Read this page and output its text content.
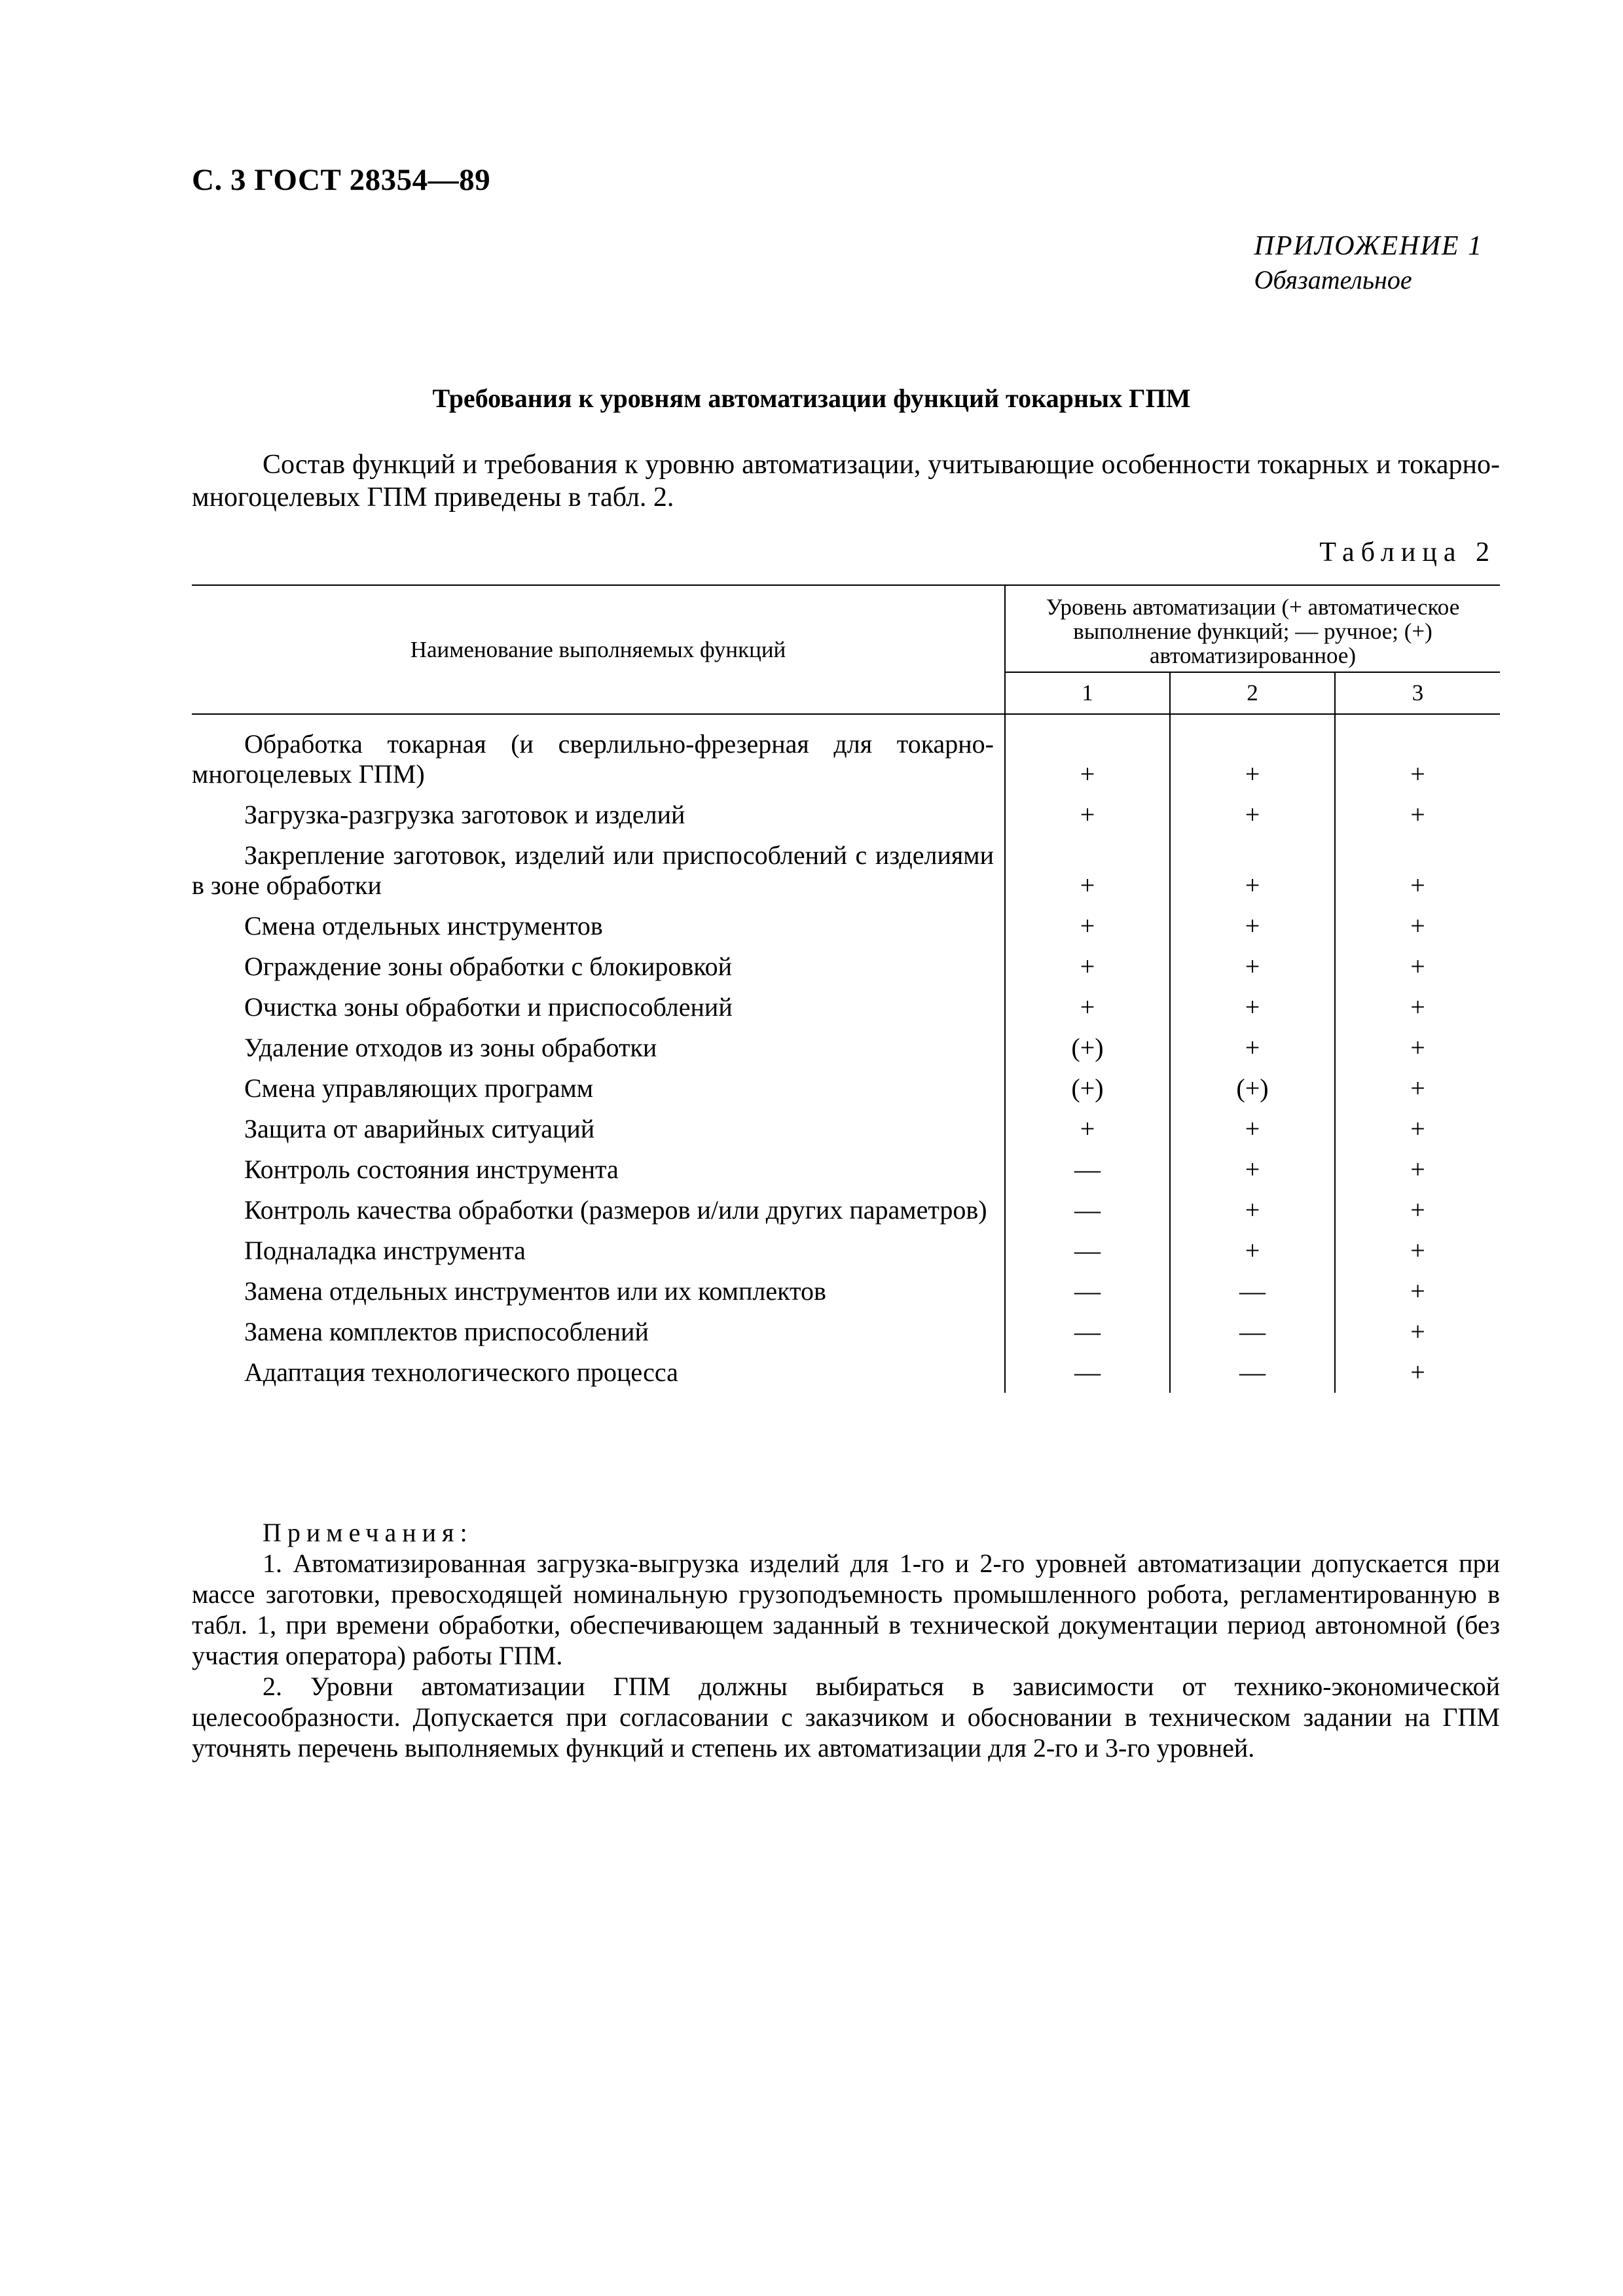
С. 3 ГОСТ 28354—89
ПРИЛОЖЕНИЕ 1
Обязательное
Требования к уровням автоматизации функций токарных ГПМ
Состав функций и требования к уровню автоматизации, учитывающие особенности токарных и токарно-многоцелевых ГПМ приведены в табл. 2.
Таблица 2
Наименование выполняемых функций	Уровень автоматизации (+ автоматическое выполнение функций; — ручное; (+) автоматизированное)		
	1	2	3

Обработка токарная (и сверлильно-фрезерная для токарно-многоцелевых ГПМ)	+	+	+

Загрузка-разгрузка заготовок и изделий	+	+	+

Закрепление заготовок, изделий или приспособлений с изделиями в зоне обработки	+	+	+

Смена отдельных инструментов	+	+	+

Ограждение зоны обработки с блокировкой	+	+	+

Очистка зоны обработки и приспособлений	+	+	+

Удаление отходов из зоны обработки	(+)	+	+

Смена управляющих программ	(+)	(+)	+

Защита от аварийных ситуаций	+	+	+

Контроль состояния инструмента	—	+	+

Контроль качества обработки (размеров и/или других параметров)	—	+	+

Подналадка инструмента	—	+	+

Замена отдельных инструментов или их комплектов	—	—	+

Замена комплектов приспособлений	—	—	+

Адаптация технологического процесса	—	—	+
Примечания:

1. Автоматизированная загрузка-выгрузка изделий для 1-го и 2-го уровней автоматизации допускается при массе заготовки, превосходящей номинальную грузоподъемность промышленного робота, регламентированную в табл. 1, при времени обработки, обеспечивающем заданный в технической документации период автономной (без участия оператора) работы ГПМ.

2. Уровни автоматизации ГПМ должны выбираться в зависимости от технико-экономической целесообразности. Допускается при согласовании с заказчиком и обосновании в техническом задании на ГПМ уточнять перечень выполняемых функций и степень их автоматизации для 2-го и 3-го уровней.
